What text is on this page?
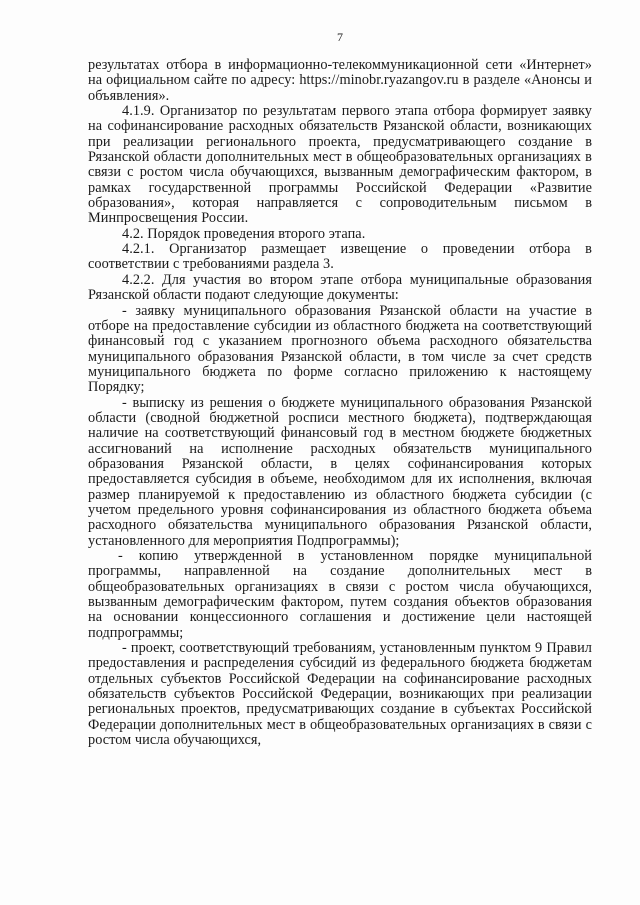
7

результатах отбора в информационно-телекоммуникационной сети «Интернет» на официальном сайте по адресу: https://minobr.ryazangov.ru в разделе «Анонсы и объявления».

4.1.9. Организатор по результатам первого этапа отбора формирует заявку на софинансирование расходных обязательств Рязанской области, возникающих при реализации регионального проекта, предусматривающего создание в Рязанской области дополнительных мест в общеобразовательных организациях в связи с ростом числа обучающихся, вызванным демографическим фактором, в рамках государственной программы Российской Федерации «Развитие образования», которая направляется с сопроводительным письмом в Минпросвещения России.

4.2. Порядок проведения второго этапа.

4.2.1. Организатор размещает извещение о проведении отбора в соответствии с требованиями раздела 3.

4.2.2. Для участия во втором этапе отбора муниципальные образования Рязанской области подают следующие документы:

- заявку муниципального образования Рязанской области на участие в отборе на предоставление субсидии из областного бюджета на соответствующий финансовый год с указанием прогнозного объема расходного обязательства муниципального образования Рязанской области, в том числе за счет средств муниципального бюджета по форме согласно приложению к настоящему Порядку;

- выписку из решения о бюджете муниципального образования Рязанской области (сводной бюджетной росписи местного бюджета), подтверждающая наличие на соответствующий финансовый год в местном бюджете бюджетных ассигнований на исполнение расходных обязательств муниципального образования Рязанской области, в целях софинансирования которых предоставляется субсидия в объеме, необходимом для их исполнения, включая размер планируемой к предоставлению из областного бюджета субсидии (с учетом предельного уровня софинансирования из областного бюджета объема расходного обязательства муниципального образования Рязанской области, установленного для мероприятия Подпрограммы);

- копию утвержденной в установленном порядке муниципальной программы, направленной на создание дополнительных мест в общеобразовательных организациях в связи с ростом числа обучающихся, вызванным демографическим фактором, путем создания объектов образования на основании концессионного соглашения и достижение цели настоящей подпрограммы;

- проект, соответствующий требованиям, установленным пунктом 9 Правил предоставления и распределения субсидий из федерального бюджета бюджетам отдельных субъектов Российской Федерации на софинансирование расходных обязательств субъектов Российской Федерации, возникающих при реализации региональных проектов, предусматривающих создание в субъектах Российской Федерации дополнительных мест в общеобразовательных организациях в связи с ростом числа обучающихся,
